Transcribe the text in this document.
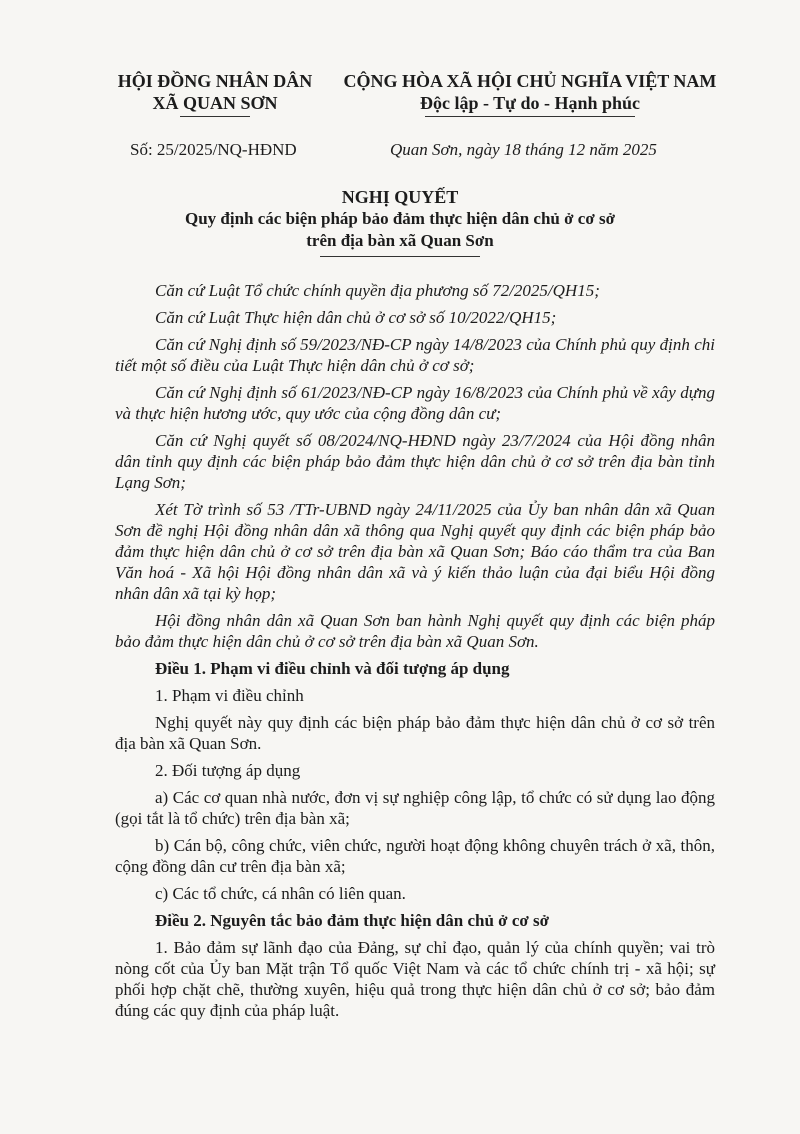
HỘI ĐỒNG NHÂN DÂN
XÃ QUAN SƠN
CỘNG HÒA XÃ HỘI CHỦ NGHĨA VIỆT NAM
Độc lập - Tự do - Hạnh phúc
Số: 25/2025/NQ-HĐND	Quan Sơn, ngày 18 tháng 12 năm 2025
NGHỊ QUYẾT
Quy định các biện pháp bảo đảm thực hiện dân chủ ở cơ sở
trên địa bàn xã Quan Sơn

Căn cứ Luật Tổ chức chính quyền địa phương số 72/2025/QH15;

Căn cứ Luật Thực hiện dân chủ ở cơ sở số 10/2022/QH15;

Căn cứ Nghị định số 59/2023/NĐ-CP ngày 14/8/2023 của Chính phủ quy định chi tiết một số điều của Luật Thực hiện dân chủ ở cơ sở;

Căn cứ Nghị định số 61/2023/NĐ-CP ngày 16/8/2023 của Chính phủ về xây dựng và thực hiện hương ước, quy ước của cộng đồng dân cư;

Căn cứ Nghị quyết số 08/2024/NQ-HĐND ngày 23/7/2024 của Hội đồng nhân dân tỉnh quy định các biện pháp bảo đảm thực hiện dân chủ ở cơ sở trên địa bàn tỉnh Lạng Sơn;

Xét Tờ trình số 53 /TTr-UBND ngày 24/11/2025 của Ủy ban nhân dân xã Quan Sơn đề nghị Hội đồng nhân dân xã thông qua Nghị quyết quy định các biện pháp bảo đảm thực hiện dân chủ ở cơ sở trên địa bàn xã Quan Sơn; Báo cáo thẩm tra của Ban Văn hoá - Xã hội Hội đồng nhân dân xã và ý kiến thảo luận của đại biểu Hội đồng nhân dân xã tại kỳ họp;

Hội đồng nhân dân xã Quan Sơn ban hành Nghị quyết quy định các biện pháp bảo đảm thực hiện dân chủ ở cơ sở trên địa bàn xã Quan Sơn.

Điều 1. Phạm vi điều chỉnh và đối tượng áp dụng

1. Phạm vi điều chỉnh

Nghị quyết này quy định các biện pháp bảo đảm thực hiện dân chủ ở cơ sở trên địa bàn xã Quan Sơn.

2. Đối tượng áp dụng

a) Các cơ quan nhà nước, đơn vị sự nghiệp công lập, tổ chức có sử dụng lao động (gọi tắt là tổ chức) trên địa bàn xã;

b) Cán bộ, công chức, viên chức, người hoạt động không chuyên trách ở xã, thôn, cộng đồng dân cư trên địa bàn xã;

c) Các tổ chức, cá nhân có liên quan.

Điều 2. Nguyên tắc bảo đảm thực hiện dân chủ ở cơ sở

1. Bảo đảm sự lãnh đạo của Đảng, sự chỉ đạo, quản lý của chính quyền; vai trò nòng cốt của Ủy ban Mặt trận Tổ quốc Việt Nam và các tổ chức chính trị - xã hội; sự phối hợp chặt chẽ, thường xuyên, hiệu quả trong thực hiện dân chủ ở cơ sở; bảo đảm đúng các quy định của pháp luật.
